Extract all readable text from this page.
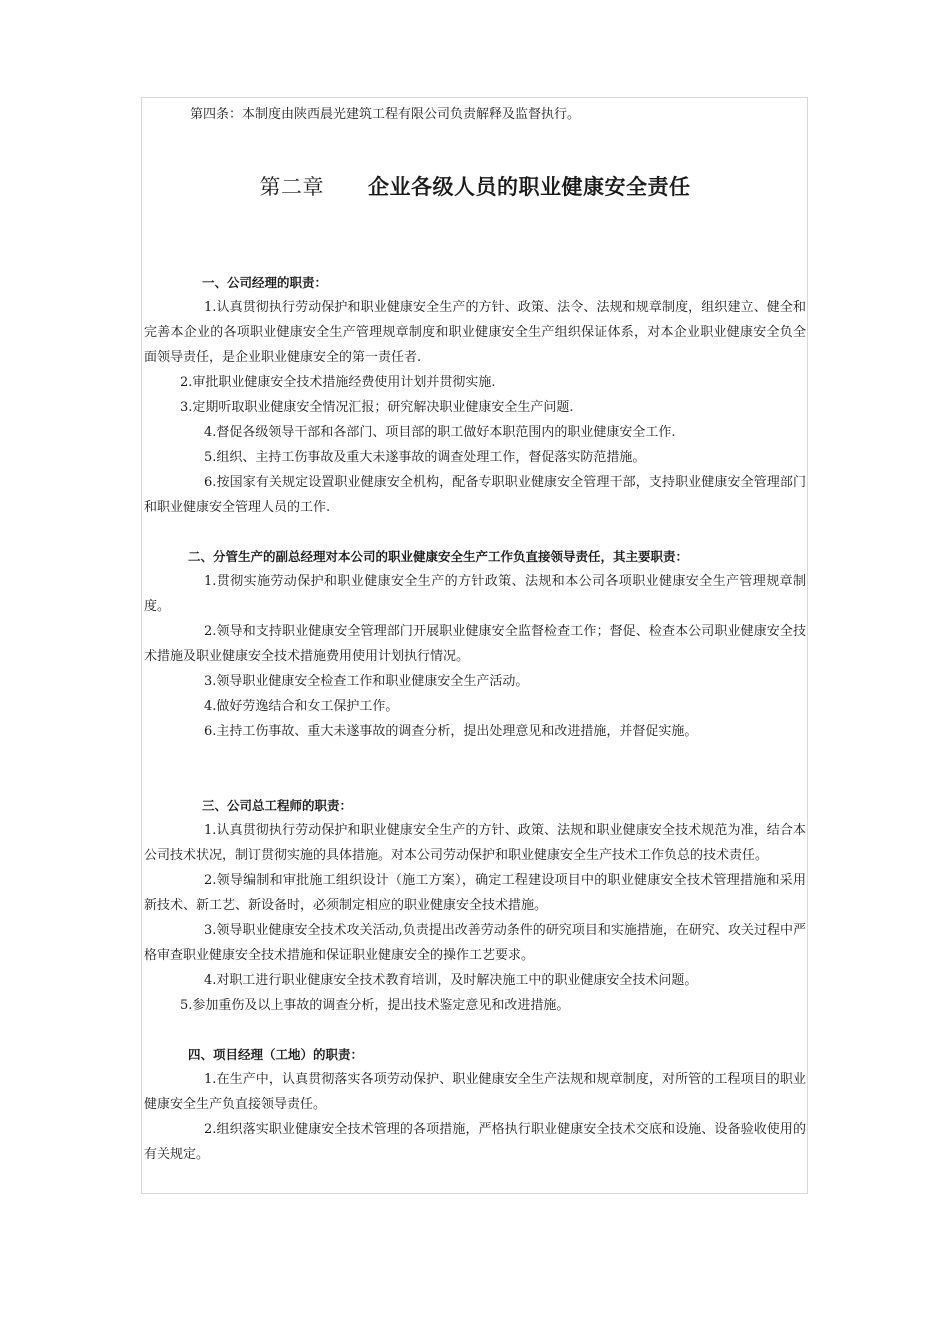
第四条：本制度由陕西晨光建筑工程有限公司负责解释及监督执行。

第二章 企业各级人员的职业健康安全责任

一、公司经理的职责：

1.认真贯彻执行劳动保护和职业健康安全生产的方针、政策、法令、法规和规章制度，组织建立、健全和完善本企业的各项职业健康安全生产管理规章制度和职业健康安全生产组织保证体系，对本企业职业健康安全负全面领导责任，是企业职业健康安全的第一责任者.

2.审批职业健康安全技术措施经费使用计划并贯彻实施.

3.定期听取职业健康安全情况汇报；研究解决职业健康安全生产问题.

4.督促各级领导干部和各部门、项目部的职工做好本职范围内的职业健康安全工作.

5.组织、主持工伤事故及重大未遂事故的调查处理工作，督促落实防范措施。

6.按国家有关规定设置职业健康安全机构，配备专职职业健康安全管理干部，支持职业健康安全管理部门和职业健康安全管理人员的工作.

二、分管生产的副总经理对本公司的职业健康安全生产工作负直接领导责任，其主要职责：

1.贯彻实施劳动保护和职业健康安全生产的方针政策、法规和本公司各项职业健康安全生产管理规章制度。

2.领导和支持职业健康安全管理部门开展职业健康安全监督检查工作；督促、检查本公司职业健康安全技术措施及职业健康安全技术措施费用使用计划执行情况。

3.领导职业健康安全检查工作和职业健康安全生产活动。

4.做好劳逸结合和女工保护工作。

6.主持工伤事故、重大未遂事故的调查分析，提出处理意见和改进措施，并督促实施。

三、公司总工程师的职责：

1.认真贯彻执行劳动保护和职业健康安全生产的方针、政策、法规和职业健康安全技术规范为准，结合本公司技术状况，制订贯彻实施的具体措施。对本公司劳动保护和职业健康安全生产技术工作负总的技术责任。

2.领导编制和审批施工组织设计（施工方案），确定工程建设项目中的职业健康安全技术管理措施和采用新技术、新工艺、新设备时，必须制定相应的职业健康安全技术措施。

3.领导职业健康安全技术攻关活动,负责提出改善劳动条件的研究项目和实施措施，在研究、攻关过程中严格审查职业健康安全技术措施和保证职业健康安全的操作工艺要求。

4.对职工进行职业健康安全技术教育培训，及时解决施工中的职业健康安全技术问题。

5.参加重伤及以上事故的调查分析，提出技术鉴定意见和改进措施。

四、项目经理（工地）的职责：

1.在生产中，认真贯彻落实各项劳动保护、职业健康安全生产法规和规章制度，对所管的工程项目的职业健康安全生产负直接领导责任。

2.组织落实职业健康安全技术管理的各项措施，严格执行职业健康安全技术交底和设施、设备验收使用的有关规定。
